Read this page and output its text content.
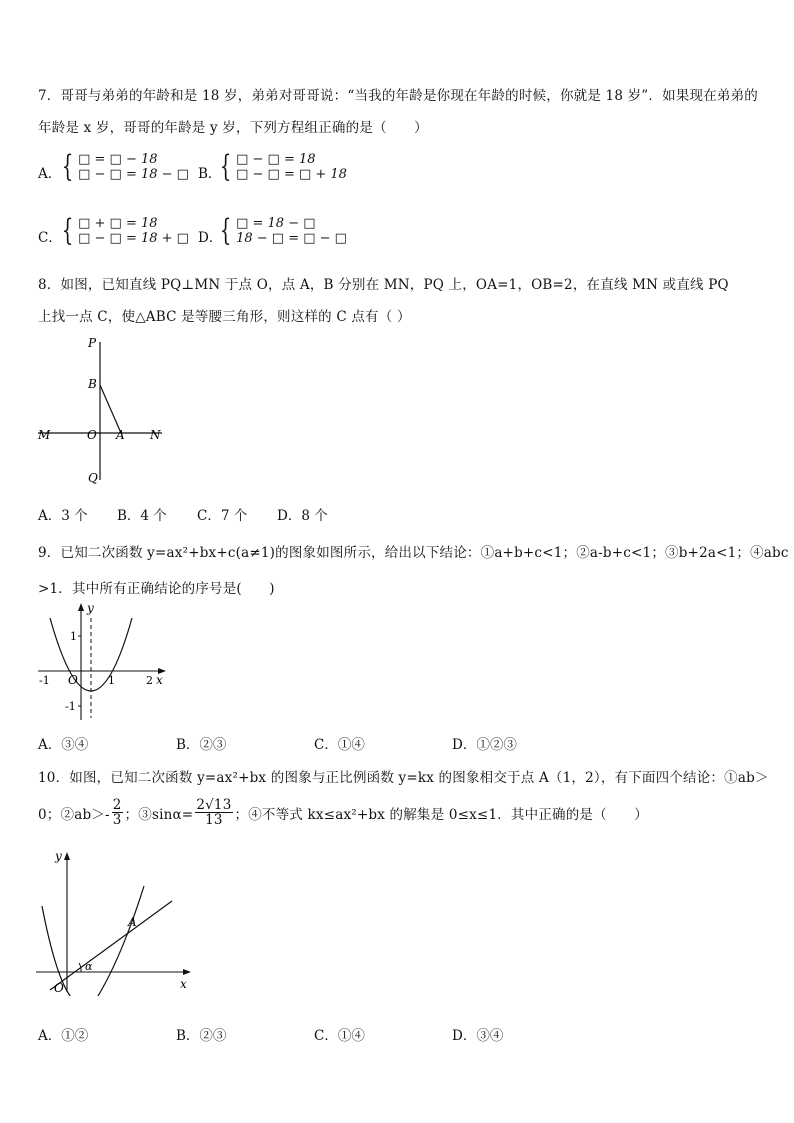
7．哥哥与弟弟的年龄和是 18 岁，弟弟对哥哥说：“当我的年龄是你现在年龄的时候，你就是 18 岁”．如果现在弟弟的
年龄是 x 岁，哥哥的年龄是 y 岁，下列方程组正确的是（　　）
A． { □ = □ − 18
□ − □ = 18 − □ B．
{ □ − □ = 18
□ − □ = □ + 18
C． { □ + □ = 18
□ − □ = 18 + □ D．
{ □ = 18 − □
18 − □ = □ − □
8．如图，已知直线 PQ⊥MN 于点 O，点 A，B 分别在 MN，PQ 上，OA=1，OB=2，在直线 MN 或直线 PQ
上找一点 C，使△ABC 是等腰三角形，则这样的 C 点有（ ）
P
B
M	O A N
Q
A．3 个 B．4 个 C．7 个 D．8 个
9．已知二次函数 y=ax²+bx+c(a≠1)的图象如图所示，给出以下结论：①a+b+c<1；②a-b+c<1；③b+2a<1；④abc
>1．其中所有正确结论的序号是(　　)
y
x
1
-1
-1 O	1	2
A．③④	B．②③	C．①④	D．①②③
10．如图，已知二次函数 y=ax²+bx 的图象与正比例函数 y=kx 的图象相交于点 A（1，2），有下面四个结论：①ab＞
0；②ab＞- $\frac{2}{3}$ ；③sinα= $\frac{2√13}{13}$ ；④不等式 kx≤ax²+bx 的解集是 0≤x≤1．其中正确的是（　　）
y
x
A
α
O
A．①②	B．②③	C．①④	D．③④
